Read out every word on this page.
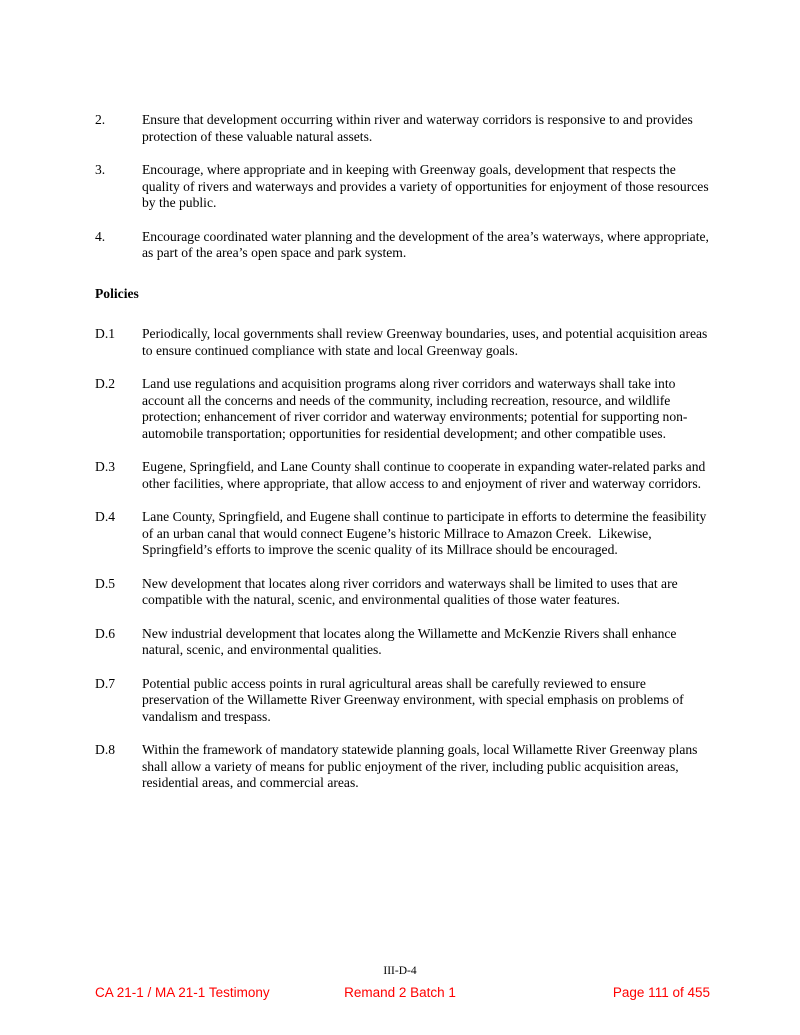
2.	Ensure that development occurring within river and waterway corridors is responsive to and provides protection of these valuable natural assets.
3.	Encourage, where appropriate and in keeping with Greenway goals, development that respects the quality of rivers and waterways and provides a variety of opportunities for enjoyment of those resources by the public.
4.	Encourage coordinated water planning and the development of the area’s waterways, where appropriate, as part of the area’s open space and park system.
Policies
D.1	Periodically, local governments shall review Greenway boundaries, uses, and potential acquisition areas to ensure continued compliance with state and local Greenway goals.
D.2	Land use regulations and acquisition programs along river corridors and waterways shall take into account all the concerns and needs of the community, including recreation, resource, and wildlife protection; enhancement of river corridor and waterway environments; potential for supporting non-automobile transportation; opportunities for residential development; and other compatible uses.
D.3	Eugene, Springfield, and Lane County shall continue to cooperate in expanding water-related parks and other facilities, where appropriate, that allow access to and enjoyment of river and waterway corridors.
D.4	Lane County, Springfield, and Eugene shall continue to participate in efforts to determine the feasibility of an urban canal that would connect Eugene’s historic Millrace to Amazon Creek.  Likewise, Springfield’s efforts to improve the scenic quality of its Millrace should be encouraged.
D.5	New development that locates along river corridors and waterways shall be limited to uses that are compatible with the natural, scenic, and environmental qualities of those water features.
D.6	New industrial development that locates along the Willamette and McKenzie Rivers shall enhance natural, scenic, and environmental qualities.
D.7	Potential public access points in rural agricultural areas shall be carefully reviewed to ensure preservation of the Willamette River Greenway environment, with special emphasis on problems of vandalism and trespass.
D.8	Within the framework of mandatory statewide planning goals, local Willamette River Greenway plans shall allow a variety of means for public enjoyment of the river, including public acquisition areas, residential areas, and commercial areas.
III-D-4
Remand 2 Batch 1
CA 21-1 / MA 21-1 Testimony	Page 111 of 455
